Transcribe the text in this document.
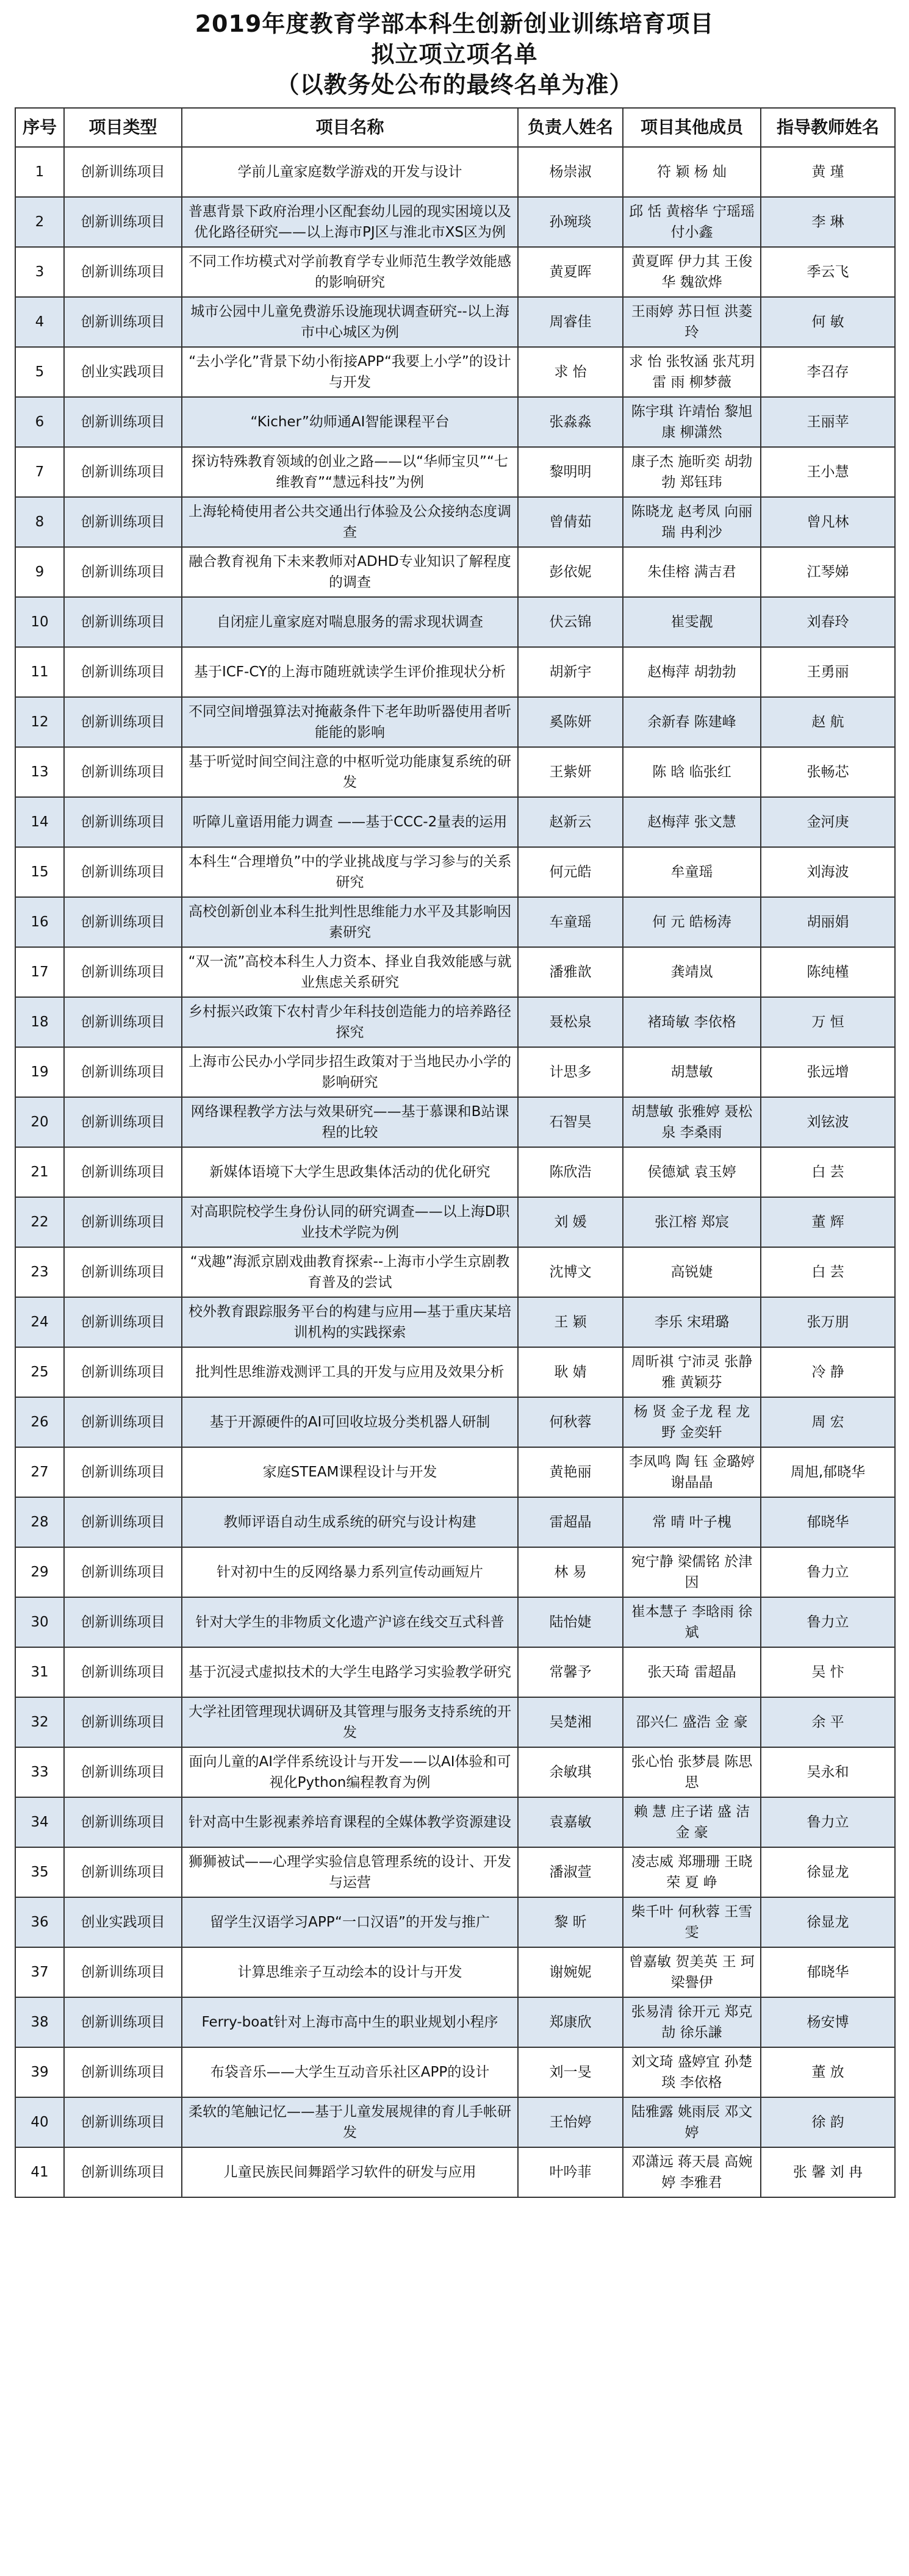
2019年度教育学部本科生创新创业训练培育项目
拟立项立项名单
（以教务处公布的最终名单为准）
序号	项目类型	项目名称	负责人姓名	项目其他成员	指导教师姓名
1	创新训练项目	学前儿童家庭数学游戏的开发与设计	杨崇淑	符 颖 杨 灿	黄 瑾
2	创新训练项目	普惠背景下政府治理小区配套幼儿园的现实困境以及优化路径研究——以上海市PJ区与淮北市XS区为例	孙琬琰	邱 恬 黄榕华 宁瑶瑶 付小鑫	李 琳
3	创新训练项目	不同工作坊模式对学前教育学专业师范生教学效能感的影响研究	黄夏晖	黄夏晖 伊力其 王俊华 魏欲烨	季云飞
4	创新训练项目	城市公园中儿童免费游乐设施现状调查研究--以上海市中心城区为例	周睿佳	王雨婷 苏日恒 洪菱玲	何 敏
5	创业实践项目	“去小学化”背景下幼小衔接APP“我要上小学”的设计与开发	求 怡	求 怡 张牧涵 张芃玥 雷 雨 柳梦薇	李召存
6	创新训练项目	“Kicher”幼师通AI智能课程平台	张淼淼	陈宇琪 许靖怡 黎旭康 柳潇然	王丽苹
7	创新训练项目	探访特殊教育领域的创业之路——以“华师宝贝”“七维教育”“慧远科技”为例	黎明明	康子杰 施昕奕 胡勃勃 郑钰玮	王小慧
8	创新训练项目	上海轮椅使用者公共交通出行体验及公众接纳态度调查	曾倩茹	陈晓龙 赵考凤 向丽瑞 冉利沙	曾凡林
9	创新训练项目	融合教育视角下未来教师对ADHD专业知识了解程度的调查	彭依妮	朱佳榕 满吉君	江琴娣
10	创新训练项目	自闭症儿童家庭对喘息服务的需求现状调查	伏云锦	崔雯靓	刘春玲
11	创新训练项目	基于ICF-CY的上海市随班就读学生评价推现状分析	胡新宇	赵梅萍 胡勃勃	王勇丽
12	创新训练项目	不同空间增强算法对掩蔽条件下老年助听器使用者听能能的影响	奚陈妍	余新春 陈建峰	赵 航
13	创新训练项目	基于听觉时间空间注意的中枢听觉功能康复系统的研发	王紫妍	陈 晗 临张红	张畅芯
14	创新训练项目	听障儿童语用能力调查 ——基于CCC-2量表的运用	赵新云	赵梅萍 张文慧	金河庚
15	创新训练项目	本科生“合理增负”中的学业挑战度与学习参与的关系研究	何元皓	牟童瑶	刘海波
16	创新训练项目	高校创新创业本科生批判性思维能力水平及其影响因素研究	车童瑶	何 元 皓杨涛	胡丽娟
17	创新训练项目	“双一流”高校本科生人力资本、择业自我效能感与就业焦虑关系研究	潘雅歆	龚靖岚	陈纯槿
18	创新训练项目	乡村振兴政策下农村青少年科技创造能力的培养路径探究	聂松泉	褚琦敏 李依格	万 恒
19	创新训练项目	上海市公民办小学同步招生政策对于当地民办小学的影响研究	计思多	胡慧敏	张远增
20	创新训练项目	网络课程教学方法与效果研究——基于慕课和B站课程的比较	石智昊	胡慧敏 张雅婷 聂松泉 李桑雨	刘铉波
21	创新训练项目	新媒体语境下大学生思政集体活动的优化研究	陈欣浩	侯德斌 袁玉婷	白 芸
22	创新训练项目	对高职院校学生身份认同的研究调查——以上海D职业技术学院为例	刘 媛	张江榕 郑宸	董 辉
23	创新训练项目	“戏趣”海派京剧戏曲教育探索--上海市小学生京剧教育普及的尝试	沈博文	高锐婕	白 芸
24	创新训练项目	校外教育跟踪服务平台的构建与应用—基于重庆某培训机构的实践探索	王 颖	李乐 宋珺璐	张万朋
25	创新训练项目	批判性思维游戏测评工具的开发与应用及效果分析	耿 婧	周昕祺 宁沛灵 张静雅 黄颖芬	冷 静
26	创新训练项目	基于开源硬件的AI可回收垃圾分类机器人研制	何秋蓉	杨 贤 金子龙 程 龙 野 金奕轩	周 宏
27	创新训练项目	家庭STEAM课程设计与开发	黄艳丽	李凤鸣 陶 钰 金璐婷 谢晶晶	周旭,郁晓华
28	创新训练项目	教师评语自动生成系统的研究与设计构建	雷超晶	常 晴 叶子槐	郁晓华
29	创新训练项目	针对初中生的反网络暴力系列宣传动画短片	林 易	宛宁静 梁儒铭 於津因	鲁力立
30	创新训练项目	针对大学生的非物质文化遗产沪谚在线交互式科普	陆怡婕	崔本慧子 李晗雨 徐 斌	鲁力立
31	创新训练项目	基于沉浸式虚拟技术的大学生电路学习实验教学研究	常馨予	张天琦 雷超晶	吴 忭
32	创新训练项目	大学社团管理现状调研及其管理与服务支持系统的开发	吴楚湘	邵兴仁 盛浩 金 豪	余 平
33	创新训练项目	面向儿童的AI学伴系统设计与开发——以AI体验和可视化Python编程教育为例	余敏琪	张心怡 张梦晨 陈思思	吴永和
34	创新训练项目	针对高中生影视素养培育课程的全媒体教学资源建设	袁嘉敏	赖 慧 庄子诺 盛 洁 金 豪	鲁力立
35	创新训练项目	狮狮被试——心理学实验信息管理系统的设计、开发与运营	潘淑萱	凌志威 郑珊珊 王晓荣 夏 峥	徐显龙
36	创业实践项目	留学生汉语学习APP“一口汉语”的开发与推广	黎 昕	柴千叶 何秋蓉 王雪雯	徐显龙
37	创新训练项目	计算思维亲子互动绘本的设计与开发	谢婉妮	曾嘉敏 贺美英 王 珂 梁譽伊	郁晓华
38	创新训练项目	Ferry-boat针对上海市高中生的职业规划小程序	郑康欣	张易清 徐开元 郑克劼 徐乐謙	杨安博
39	创新训练项目	布袋音乐——大学生互动音乐社区APP的设计	刘一旻	刘文琦 盛婷宜 孙楚琰 李依格	董 放
40	创新训练项目	柔软的笔触记忆——基于儿童发展规律的育儿手帐研发	王怡婷	陆雅露 姚雨辰 邓文婷	徐 韵
41	创新训练项目	儿童民族民间舞蹈学习软件的研发与应用	叶吟菲	邓潇远 蒋天晨 高婉婷 李雅君	张 馨 刘 冉
